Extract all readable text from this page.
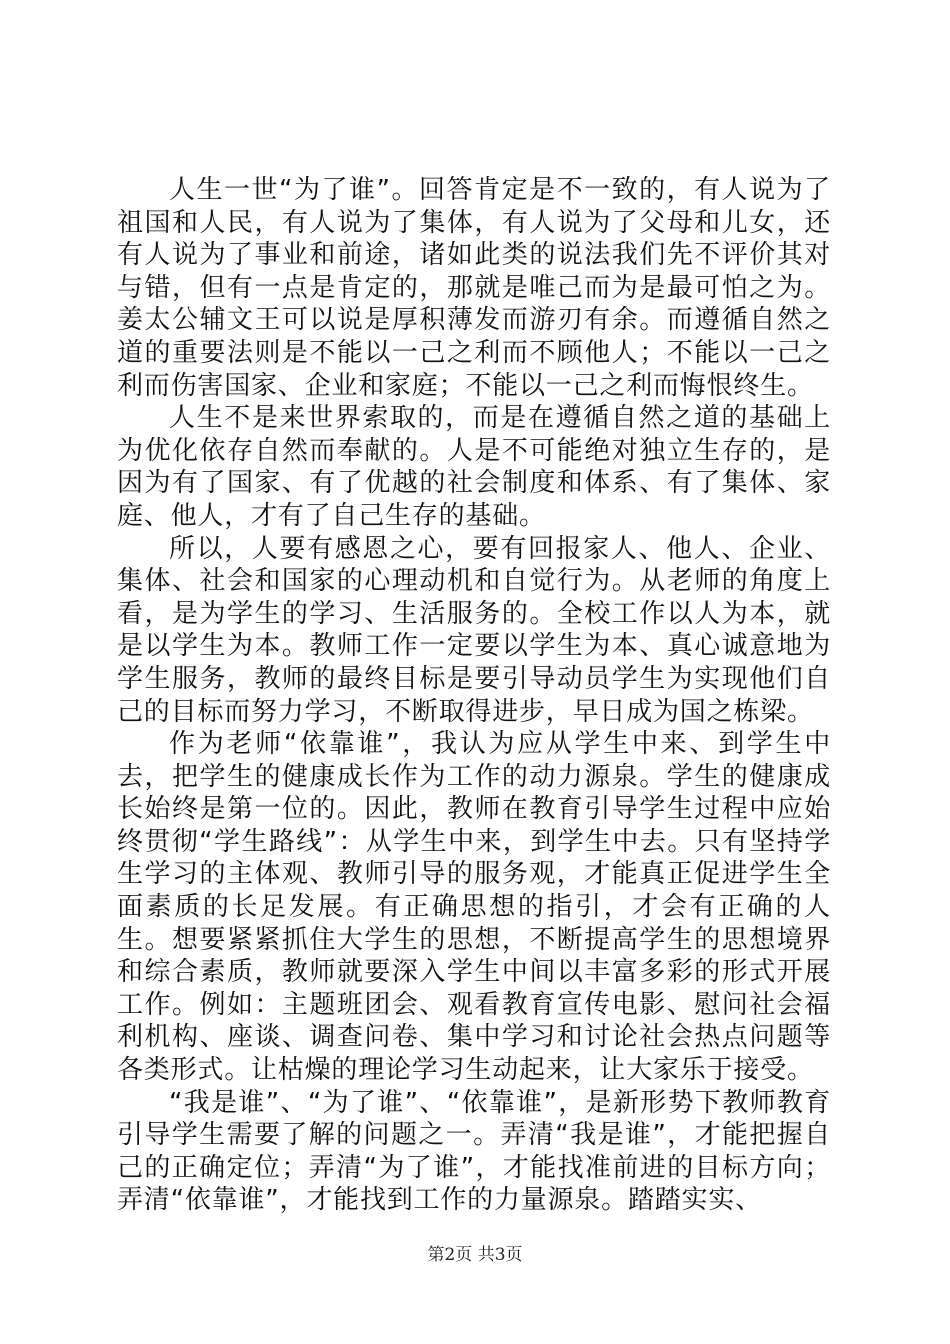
人生一世“为了谁”。回答肯定是不一致的，有人说为了祖国和人民，有人说为了集体，有人说为了父母和儿女，还有人说为了事业和前途，诸如此类的说法我们先不评价其对与错，但有一点是肯定的，那就是唯己而为是最可怕之为。姜太公辅文王可以说是厚积薄发而游刃有余。而遵循自然之道的重要法则是不能以一己之利而不顾他人；不能以一己之利而伤害国家、企业和家庭；不能以一己之利而悔恨终生。

人生不是来世界索取的，而是在遵循自然之道的基础上为优化依存自然而奉献的。人是不可能绝对独立生存的，是因为有了国家、有了优越的社会制度和体系、有了集体、家庭、他人，才有了自己生存的基础。

所以，人要有感恩之心，要有回报家人、他人、企业、集体、社会和国家的心理动机和自觉行为。从老师的角度上看，是为学生的学习、生活服务的。全校工作以人为本，就是以学生为本。教师工作一定要以学生为本、真心诚意地为学生服务，教师的最终目标是要引导动员学生为实现他们自己的目标而努力学习，不断取得进步，早日成为国之栋梁。

作为老师“依靠谁”，我认为应从学生中来、到学生中去，把学生的健康成长作为工作的动力源泉。学生的健康成长始终是第一位的。因此，教师在教育引导学生过程中应始终贯彻“学生路线”：从学生中来，到学生中去。只有坚持学生学习的主体观、教师引导的服务观，才能真正促进学生全面素质的长足发展。有正确思想的指引，才会有正确的人生。想要紧紧抓住大学生的思想，不断提高学生的思想境界和综合素质，教师就要深入学生中间以丰富多彩的形式开展工作。例如：主题班团会、观看教育宣传电影、慰问社会福利机构、座谈、调查问卷、集中学习和讨论社会热点问题等各类形式。让枯燥的理论学习生动起来，让大家乐于接受。

“我是谁”、“为了谁”、“依靠谁”，是新形势下教师教育引导学生需要了解的问题之一。弄清“我是谁”，才能把握自己的正确定位；弄清“为了谁”，才能找准前进的目标方向；弄清“依靠谁”，才能找到工作的力量源泉。踏踏实实、

第2页 共3页
